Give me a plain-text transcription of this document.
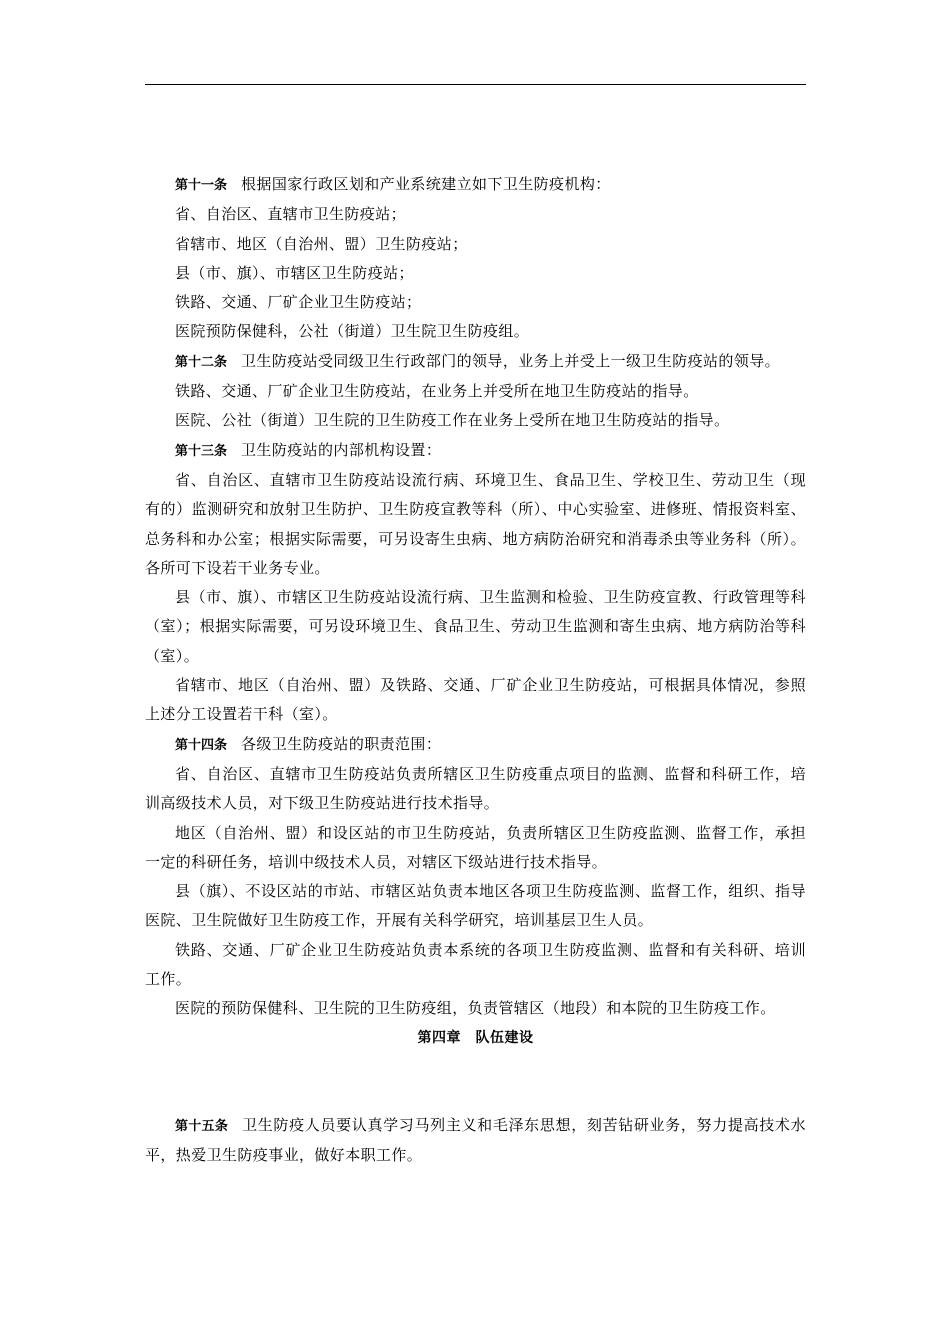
第十一条 根据国家行政区划和产业系统建立如下卫生防疫机构：

省、自治区、直辖市卫生防疫站；

省辖市、地区（自治州、盟）卫生防疫站；

县（市、旗）、市辖区卫生防疫站；

铁路、交通、厂矿企业卫生防疫站；

医院预防保健科，公社（街道）卫生院卫生防疫组。

第十二条 卫生防疫站受同级卫生行政部门的领导，业务上并受上一级卫生防疫站的领导。

铁路、交通、厂矿企业卫生防疫站，在业务上并受所在地卫生防疫站的指导。

医院、公社（街道）卫生院的卫生防疫工作在业务上受所在地卫生防疫站的指导。

第十三条 卫生防疫站的内部机构设置：

省、自治区、直辖市卫生防疫站设流行病、环境卫生、食品卫生、学校卫生、劳动卫生（现有的）监测研究和放射卫生防护、卫生防疫宣教等科（所）、中心实验室、进修班、情报资料室、总务科和办公室；根据实际需要，可另设寄生虫病、地方病防治研究和消毒杀虫等业务科（所）。各所可下设若干业务专业。

县（市、旗）、市辖区卫生防疫站设流行病、卫生监测和检验、卫生防疫宣教、行政管理等科（室）；根据实际需要，可另设环境卫生、食品卫生、劳动卫生监测和寄生虫病、地方病防治等科（室）。

省辖市、地区（自治州、盟）及铁路、交通、厂矿企业卫生防疫站，可根据具体情况，参照上述分工设置若干科（室）。

第十四条 各级卫生防疫站的职责范围：

省、自治区、直辖市卫生防疫站负责所辖区卫生防疫重点项目的监测、监督和科研工作，培训高级技术人员，对下级卫生防疫站进行技术指导。

地区（自治州、盟）和设区站的市卫生防疫站，负责所辖区卫生防疫监测、监督工作，承担一定的科研任务，培训中级技术人员，对辖区下级站进行技术指导。

县（旗）、不设区站的市站、市辖区站负责本地区各项卫生防疫监测、监督工作，组织、指导医院、卫生院做好卫生防疫工作，开展有关科学研究，培训基层卫生人员。

铁路、交通、厂矿企业卫生防疫站负责本系统的各项卫生防疫监测、监督和有关科研、培训工作。

医院的预防保健科、卫生院的卫生防疫组，负责管辖区（地段）和本院的卫生防疫工作。

第四章　队伍建设

第十五条 卫生防疫人员要认真学习马列主义和毛泽东思想，刻苦钻研业务，努力提高技术水平，热爱卫生防疫事业，做好本职工作。
